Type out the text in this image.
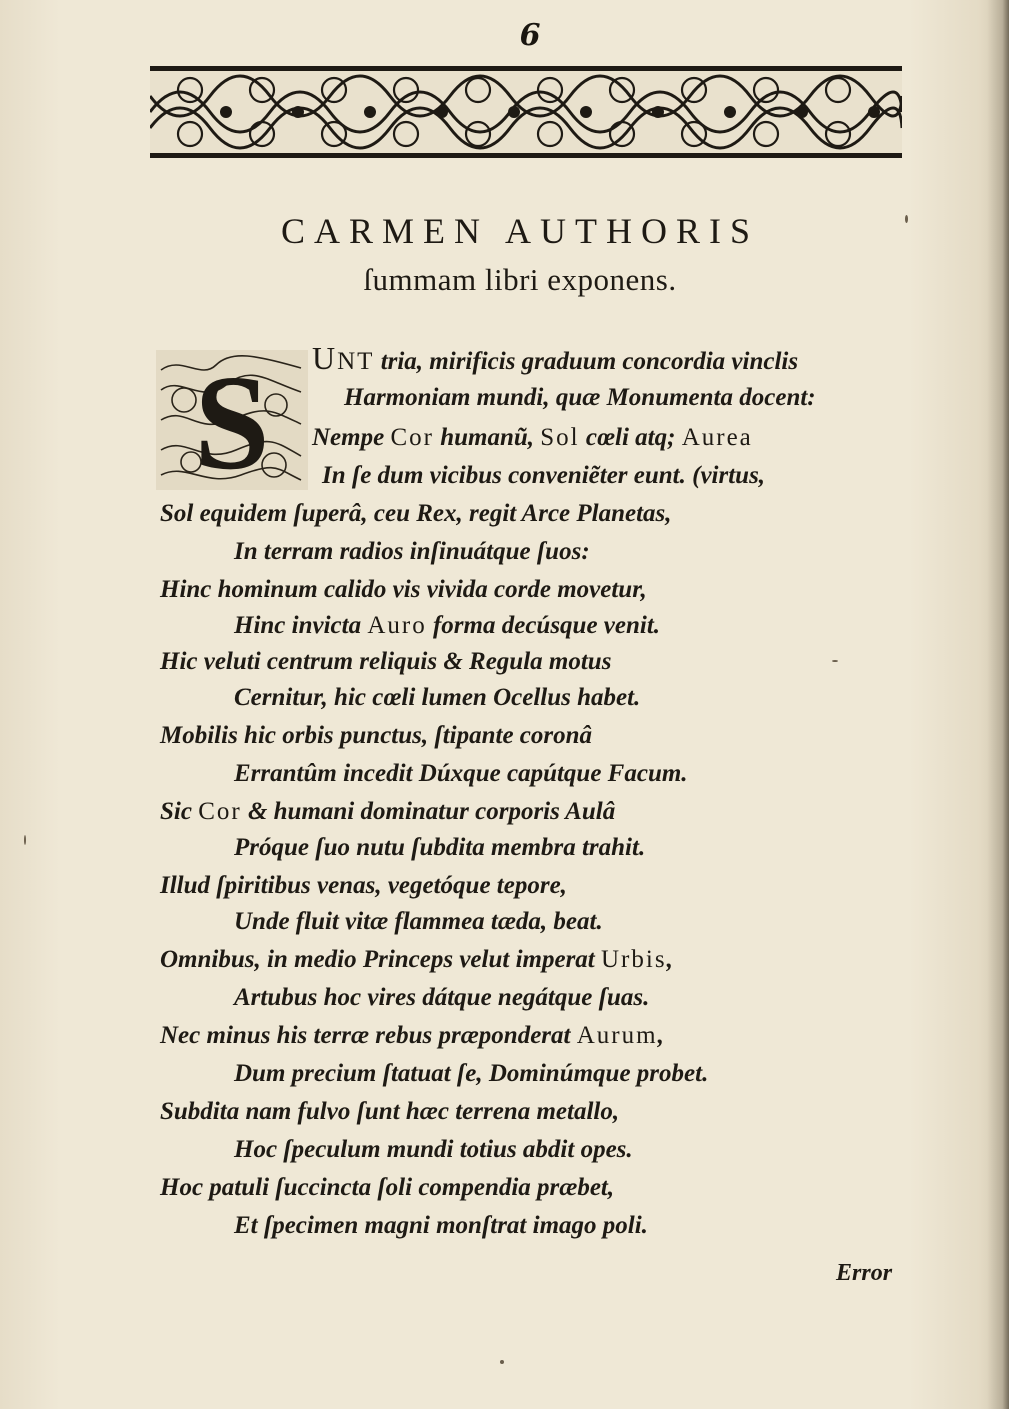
6
CARMEN AUTHORIS
ſummam libri exponens.
S UNT tria, mirificis graduum concordia vinclis
Harmoniam mundi, quæ Monumenta docent:
Nempe Cor humanũ, Sol cœli atq; Aurea
In ſe dum vicibus conveniẽter eunt. (virtus,
Sol equidem ſuperâ, ceu Rex, regit Arce Planetas,
In terram radios inſinuátque ſuos:
Hinc hominum calido vis vivida corde movetur,
Hinc invicta Auro forma decúsque venit.
Hic veluti centrum reliquis & Regula motus
Cernitur, hic cœli lumen Ocellus habet.
Mobilis hic orbis punctus, ſtipante coronâ
Errantûm incedit Dúxque capútque Facum.
Sic Cor & humani dominatur corporis Aulâ
Próque ſuo nutu ſubdita membra trahit.
Illud ſpiritibus venas, vegetóque tepore,
Unde fluit vitæ flammea tæda, beat.
Omnibus, in medio Princeps velut imperat Urbis,
Artubus hoc vires dátque negátque ſuas.
Nec minus his terræ rebus præponderat Aurum,
Dum precium ſtatuat ſe, Dominúmque probet.
Subdita nam fulvo ſunt hæc terrena metallo,
Hoc ſpeculum mundi totius abdit opes.
Hoc patuli ſuccincta ſoli compendia præbet,
Et ſpecimen magni monſtrat imago poli.
Error
